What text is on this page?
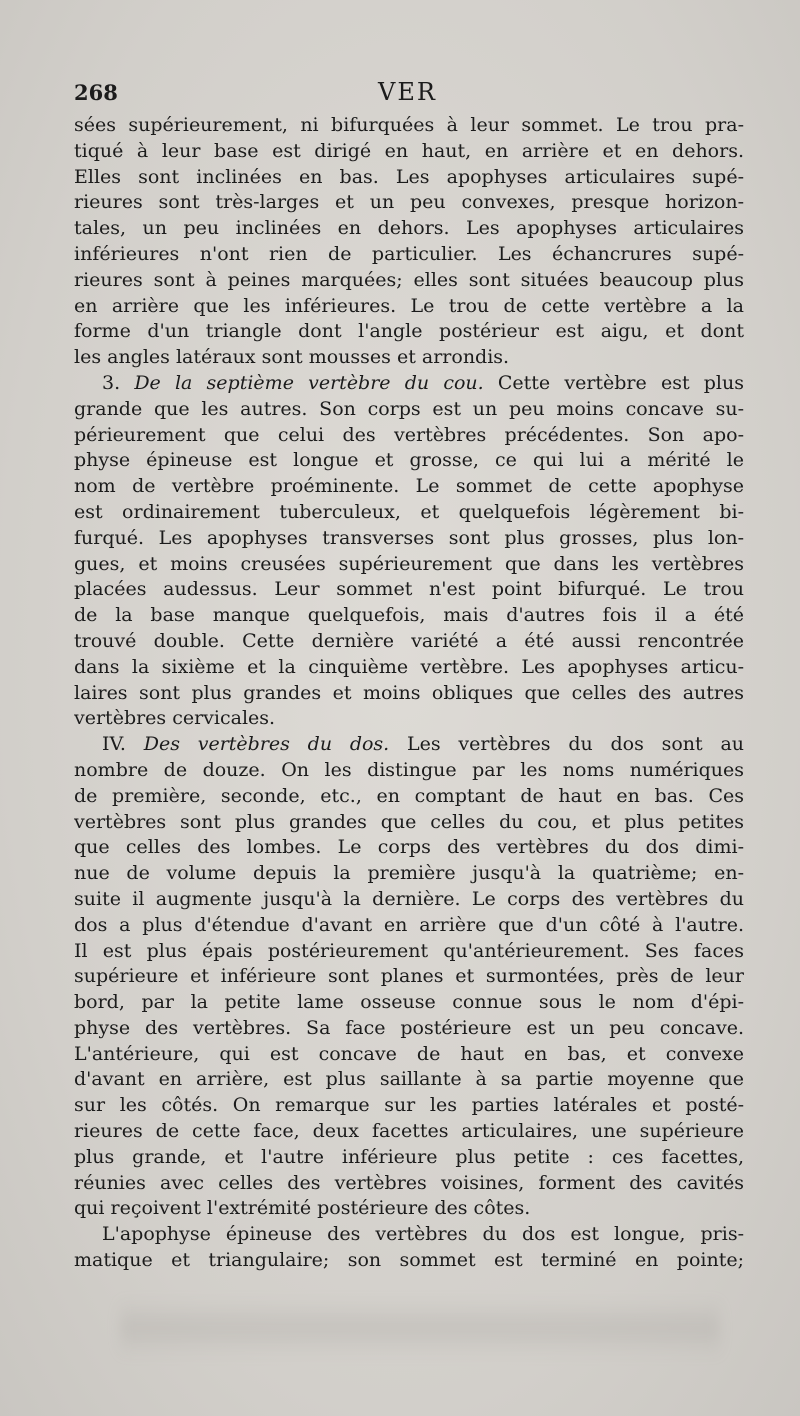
268	VER
sées supérieurement, ni bifurquées à leur sommet. Le trou pra-
tiqué à leur base est dirigé en haut, en arrière et en dehors.
Elles sont inclinées en bas. Les apophyses articulaires supé-
rieures sont très-larges et un peu convexes, presque horizon-
tales, un peu inclinées en dehors. Les apophyses articulaires
inférieures n'ont rien de particulier. Les échancrures supé-
rieures sont à peines marquées; elles sont situées beaucoup plus
en arrière que les inférieures. Le trou de cette vertèbre a la
forme d'un triangle dont l'angle postérieur est aigu, et dont
les angles latéraux sont mousses et arrondis.
3. De la septième vertèbre du cou. Cette vertèbre est plus
grande que les autres. Son corps est un peu moins concave su-
périeurement que celui des vertèbres précédentes. Son apo-
physe épineuse est longue et grosse, ce qui lui a mérité le
nom de vertèbre proéminente. Le sommet de cette apophyse
est ordinairement tuberculeux, et quelquefois légèrement bi-
furqué. Les apophyses transverses sont plus grosses, plus lon-
gues, et moins creusées supérieurement que dans les vertèbres
placées audessus. Leur sommet n'est point bifurqué. Le trou
de la base manque quelquefois, mais d'autres fois il a été
trouvé double. Cette dernière variété a été aussi rencontrée
dans la sixième et la cinquième vertèbre. Les apophyses articu-
laires sont plus grandes et moins obliques que celles des autres
vertèbres cervicales.
IV. Des vertèbres du dos. Les vertèbres du dos sont au
nombre de douze. On les distingue par les noms numériques
de première, seconde, etc., en comptant de haut en bas. Ces
vertèbres sont plus grandes que celles du cou, et plus petites
que celles des lombes. Le corps des vertèbres du dos dimi-
nue de volume depuis la première jusqu'à la quatrième; en-
suite il augmente jusqu'à la dernière. Le corps des vertèbres du
dos a plus d'étendue d'avant en arrière que d'un côté à l'autre.
Il est plus épais postérieurement qu'antérieurement. Ses faces
supérieure et inférieure sont planes et surmontées, près de leur
bord, par la petite lame osseuse connue sous le nom d'épi-
physe des vertèbres. Sa face postérieure est un peu concave.
L'antérieure, qui est concave de haut en bas, et convexe
d'avant en arrière, est plus saillante à sa partie moyenne que
sur les côtés. On remarque sur les parties latérales et posté-
rieures de cette face, deux facettes articulaires, une supérieure
plus grande, et l'autre inférieure plus petite : ces facettes,
réunies avec celles des vertèbres voisines, forment des cavités
qui reçoivent l'extrémité postérieure des côtes.
L'apophyse épineuse des vertèbres du dos est longue, pris-
matique et triangulaire; son sommet est terminé en pointe;
